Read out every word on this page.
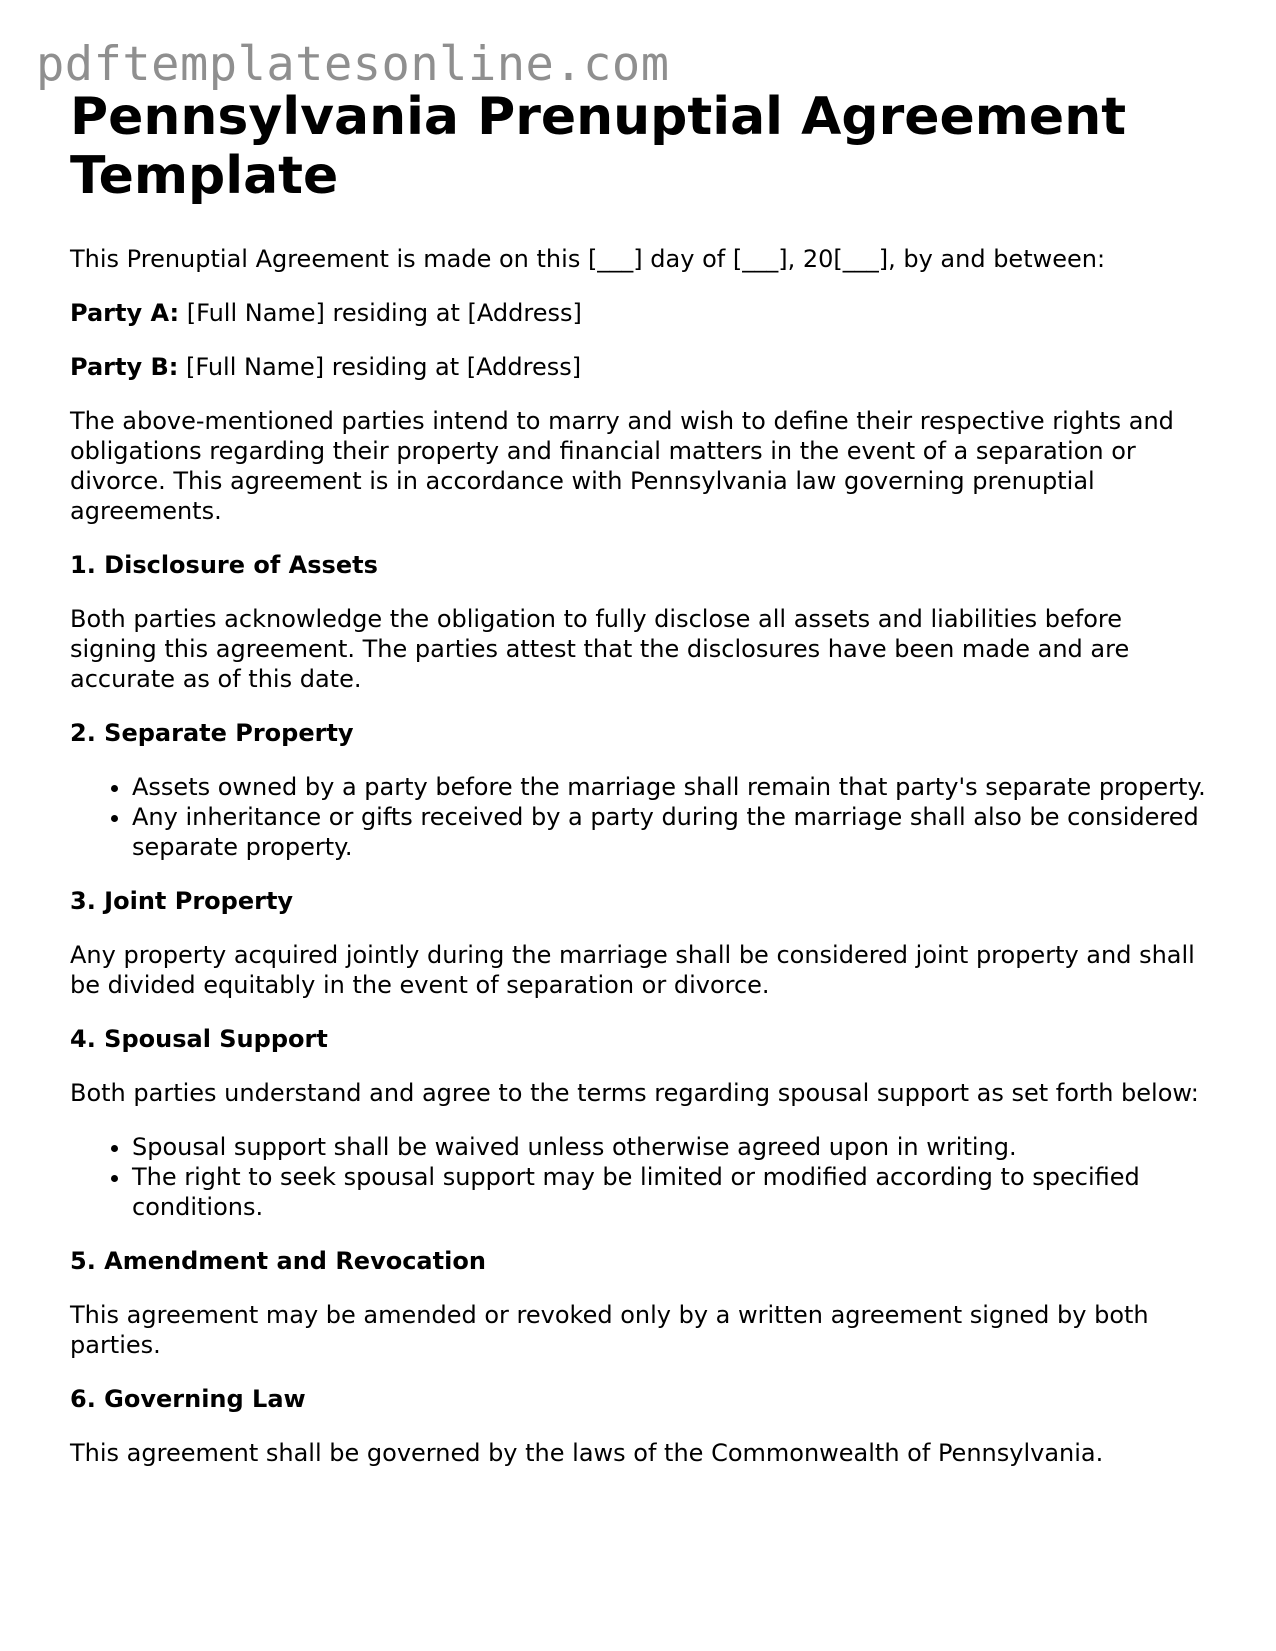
pdftemplatesonline.com
Pennsylvania Prenuptial Agreement Template

This Prenuptial Agreement is made on this [___] day of [___], 20[___], by and between:

Party A: [Full Name] residing at [Address]

Party B: [Full Name] residing at [Address]

The above-mentioned parties intend to marry and wish to define their respective rights and obligations regarding their property and financial matters in the event of a separation or divorce. This agreement is in accordance with Pennsylvania law governing prenuptial agreements.

1. Disclosure of Assets

Both parties acknowledge the obligation to fully disclose all assets and liabilities before signing this agreement. The parties attest that the disclosures have been made and are accurate as of this date.

2. Separate Property
• Assets owned by a party before the marriage shall remain that party's separate property.
• Any inheritance or gifts received by a party during the marriage shall also be considered separate property.
3. Joint Property

Any property acquired jointly during the marriage shall be considered joint property and shall be divided equitably in the event of separation or divorce.

4. Spousal Support

Both parties understand and agree to the terms regarding spousal support as set forth below:

• Spousal support shall be waived unless otherwise agreed upon in writing.
• The right to seek spousal support may be limited or modified according to specified conditions.
5. Amendment and Revocation

This agreement may be amended or revoked only by a written agreement signed by both parties.

6. Governing Law

This agreement shall be governed by the laws of the Commonwealth of Pennsylvania.
